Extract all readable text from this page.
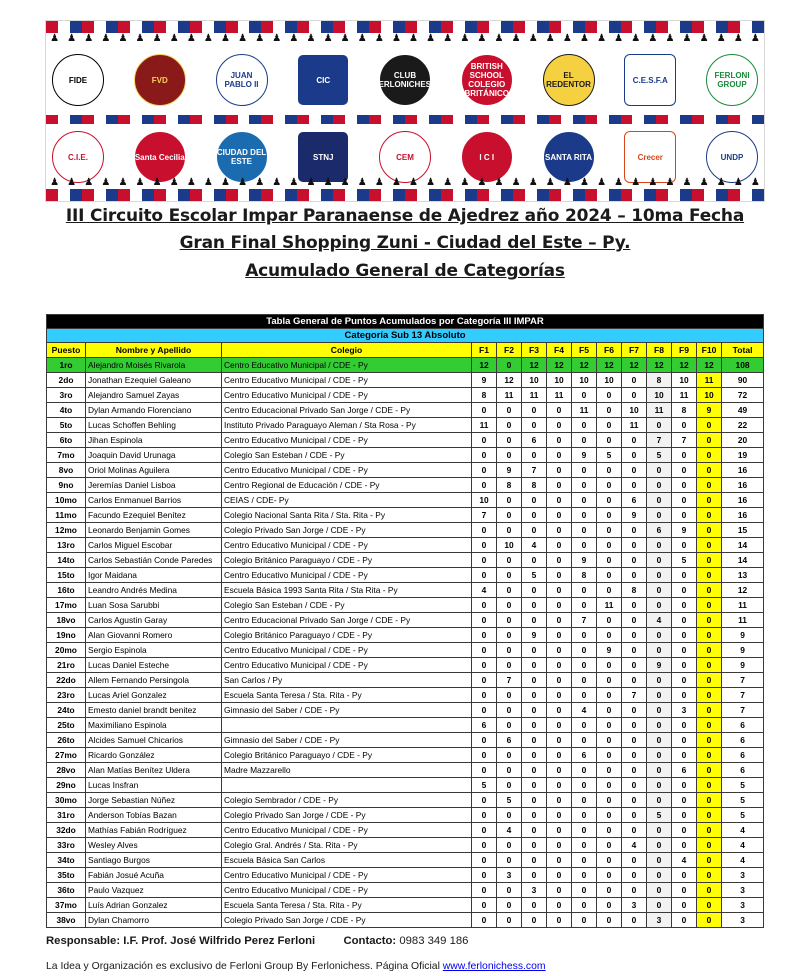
♟ ♟ ♟ ♟ ♟ ♟ ♟ ♟ ♟ ♟ ♟ ♟ ♟ ♟ ♟ ♟ ♟ ♟ ♟ ♟ ♟ ♟ ♟ ♟ ♟ ♟ ♟ ♟ ♟ ♟ ♟ ♟ ♟ ♟ ♟ ♟ ♟ ♟ ♟ ♟ ♟ ♟
FIDE	FVD	JUAN PABLO II	CIC	CLUB FERLONICHESS
BRITISH SCHOOL COLEGIO BRITÁNICO
EL REDENTOR	C.E.S.F.A	FERLONI GROUP
C.I.E.	Santa Cecilia	CIUDAD DEL ESTE	STNJ	CEM	I C I	SANTA RITA	Crecer	UNDP
♟ ♟ ♟ ♟ ♟ ♟ ♟ ♟ ♟ ♟ ♟ ♟ ♟ ♟ ♟ ♟ ♟ ♟ ♟ ♟ ♟ ♟ ♟ ♟ ♟ ♟ ♟ ♟ ♟ ♟ ♟ ♟ ♟ ♟ ♟ ♟ ♟ ♟ ♟ ♟ ♟ ♟
III Circuito Escolar Impar Paranaense de Ajedrez año 2024 – 10ma Fecha
Gran Final Shopping Zuni - Ciudad del Este – Py.
Acumulado General de Categorías
Tabla General de Puntos Acumulados por Categoría III IMPAR													
Categoría Sub 13 Absoluto													
Puesto	Nombre y Apellido	Colegio	F1	F2	F3	F4	F5	F6	F7	F8	F9	F10	Total
1ro	Alejandro Moisés Rivarola	Centro Educativo Municipal / CDE - Py	12	0	12	12	12	12	12	12	12	12	108
2do	Jonathan Ezequiel Galeano	Centro Educativo Municipal / CDE - Py	9	12	10	10	10	10	0	8	10	11	90
3ro	Alejandro Samuel Zayas	Centro Educativo Municipal / CDE - Py	8	11	11	11	0	0	0	10	11	10	72
4to	Dylan Armando Florenciano	Centro Educacional Privado San Jorge / CDE - Py	0	0	0	0	11	0	10	11	8	9	49
5to	Lucas Schoffen Behling	Instituto Privado Paraguayo Aleman / Sta Rosa - Py	11	0	0	0	0	0	11	0	0	0	22
6to	Jihan Espinola	Centro Educativo Municipal / CDE - Py	0	0	6	0	0	0	0	7	7	0	20
7mo	Joaquin David Urunaga	Colegio San Esteban / CDE - Py	0	0	0	0	9	5	0	5	0	0	19
8vo	Oriol Molinas Aguilera	Centro Educativo Municipal / CDE - Py	0	9	7	0	0	0	0	0	0	0	16
9no	Jeremías Daniel Lisboa	Centro Regional de Educación / CDE - Py	0	8	8	0	0	0	0	0	0	0	16
10mo	Carlos Enmanuel Barrios	CEIAS / CDE- Py	10	0	0	0	0	0	6	0	0	0	16
11mo	Facundo Ezequiel Benítez	Colegio Nacional Santa Rita / Sta. Rita - Py	7	0	0	0	0	0	9	0	0	0	16
12mo	Leonardo Benjamin Gomes	Colegio Privado San Jorge / CDE - Py	0	0	0	0	0	0	0	6	9	0	15
13ro	Carlos Miguel Escobar	Centro Educativo Municipal / CDE - Py	0	10	4	0	0	0	0	0	0	0	14
14to	Carlos Sebastián Conde Paredes	Colegio Británico Paraguayo / CDE - Py	0	0	0	0	9	0	0	0	5	0	14
15to	Igor Maidana	Centro Educativo Municipal / CDE - Py	0	0	5	0	8	0	0	0	0	0	13
16to	Leandro Andrés Medina	Escuela Básica 1993 Santa Rita / Sta Rita - Py	4	0	0	0	0	0	8	0	0	0	12
17mo	Luan Sosa Sarubbi	Colegio San Esteban / CDE - Py	0	0	0	0	0	11	0	0	0	0	11
18vo	Carlos Agustin Garay	Centro Educacional Privado San Jorge / CDE - Py	0	0	0	0	7	0	0	4	0	0	11
19no	Alan Giovanni Romero	Colegio Británico Paraguayo / CDE - Py	0	0	9	0	0	0	0	0	0	0	9
20mo	Sergio Espinola	Centro Educativo Municipal / CDE - Py	0	0	0	0	0	9	0	0	0	0	9
21ro	Lucas Daniel Esteche	Centro Educativo Municipal / CDE - Py	0	0	0	0	0	0	0	9	0	0	9
22do	Allem Fernando Persingola	San Carlos / Py	0	7	0	0	0	0	0	0	0	0	7
23ro	Lucas Ariel Gonzalez	Escuela Santa Teresa / Sta. Rita - Py	0	0	0	0	0	0	7	0	0	0	7
24to	Emesto daniel brandt benitez	Gimnasio del Saber / CDE - Py	0	0	0	0	4	0	0	0	3	0	7
25to	Maximiliano Espinola		6	0	0	0	0	0	0	0	0	0	6
26to	Alcides Samuel Chicarios	Gimnasio del Saber / CDE - Py	0	6	0	0	0	0	0	0	0	0	6
27mo	Ricardo González	Colegio Británico Paraguayo / CDE - Py	0	0	0	0	6	0	0	0	0	0	6
28vo	Alan Matías Benítez Uldera	Madre Mazzarello	0	0	0	0	0	0	0	0	6	0	6
29no	Lucas Insfran		5	0	0	0	0	0	0	0	0	0	5
30mo	Jorge Sebastian Núñez	Colegio Sembrador / CDE - Py	0	5	0	0	0	0	0	0	0	0	5
31ro	Anderson Tobías Bazan	Colegio Privado San Jorge / CDE - Py	0	0	0	0	0	0	0	5	0	0	5
32do	Mathías Fabián Rodríguez	Centro Educativo Municipal / CDE - Py	0	4	0	0	0	0	0	0	0	0	4
33ro	Wesley Alves	Colegio Gral. Andrés / Sta. Rita - Py	0	0	0	0	0	0	4	0	0	0	4
34to	Santiago Burgos	Escuela Básica San Carlos	0	0	0	0	0	0	0	0	4	0	4
35to	Fabián Josué Acuña	Centro Educativo Municipal / CDE - Py	0	3	0	0	0	0	0	0	0	0	3
36to	Paulo Vazquez	Centro Educativo Municipal / CDE - Py	0	0	3	0	0	0	0	0	0	0	3
37mo	Luís Adrian Gonzalez	Escuela Santa Teresa / Sta. Rita - Py	0	0	0	0	0	0	3	0	0	0	3
38vo	Dylan Chamorro	Colegio Privado San Jorge / CDE - Py	0	0	0	0	0	0	0	3	0	0	3
Responsable: I.F. Prof. José Wilfrido Perez Ferloni	Contacto: 0983 349 186
La Idea y Organización es exclusivo de Ferloni Group By Ferlonichess. Página Oficial www.ferlonichess.com
